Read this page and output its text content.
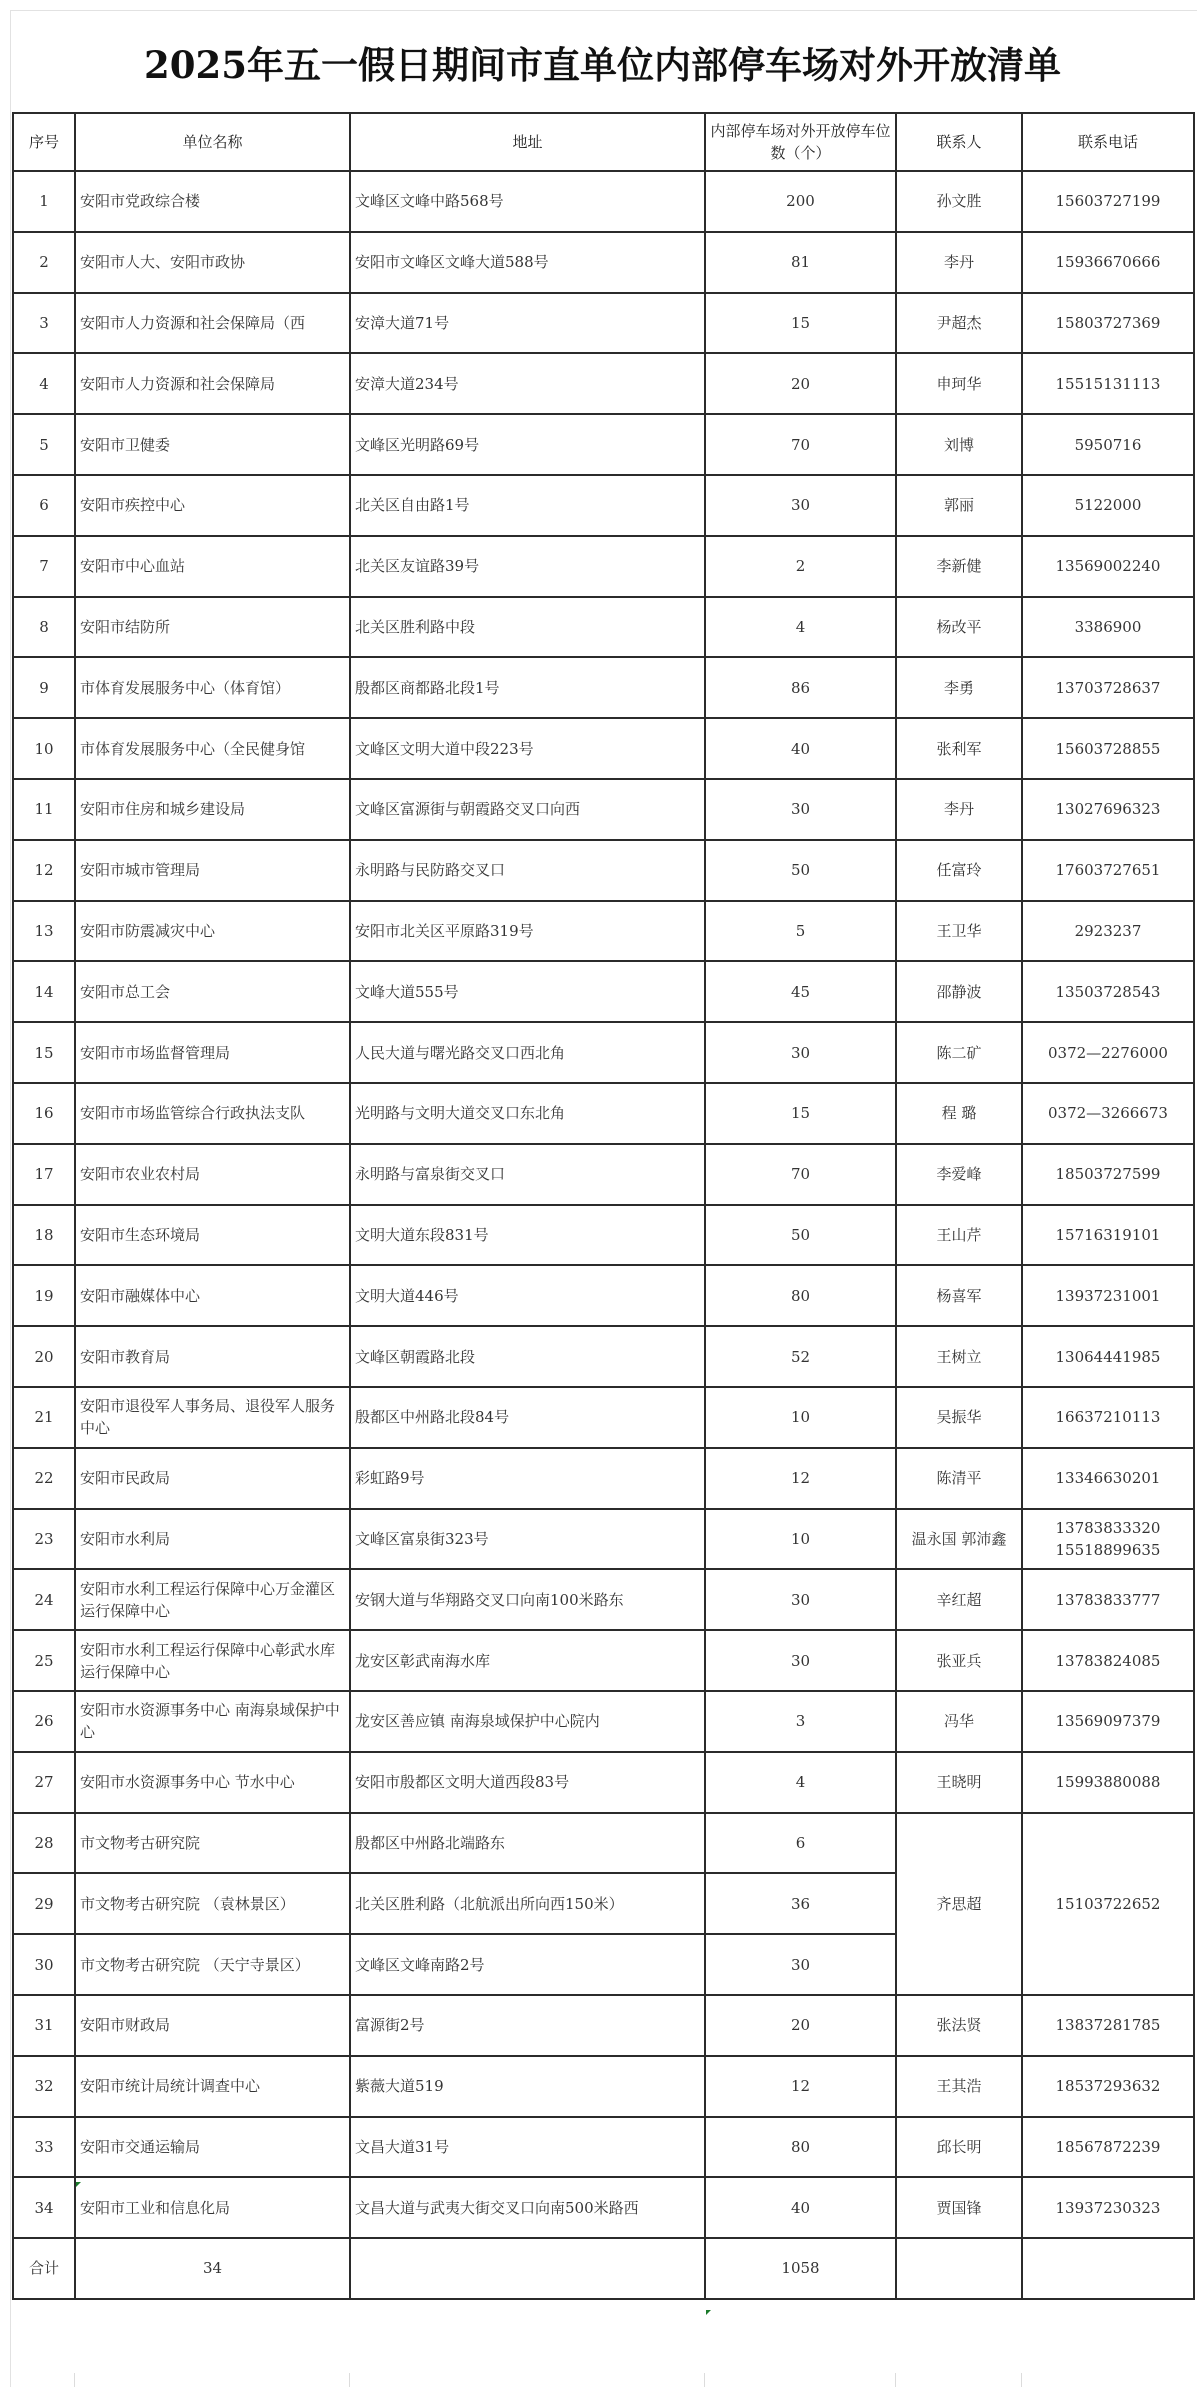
2025年五一假日期间市直单位内部停车场对外开放清单
序号	单位名称	地址	内部停车场对外开放停车位数（个）	联系人	联系电话
1	安阳市党政综合楼	文峰区文峰中路568号	200	孙文胜	15603727199
2	安阳市人大、安阳市政协	安阳市文峰区文峰大道588号	81	李丹	15936670666
3	安阳市人力资源和社会保障局（西	安漳大道71号	15	尹超杰	15803727369
4	安阳市人力资源和社会保障局	安漳大道234号	20	申珂华	15515131113
5	安阳市卫健委	文峰区光明路69号	70	刘博	5950716
6	安阳市疾控中心	北关区自由路1号	30	郭丽	5122000
7	安阳市中心血站	北关区友谊路39号	2	李新健	13569002240
8	安阳市结防所	北关区胜利路中段	4	杨改平	3386900
9	市体育发展服务中心（体育馆）	殷都区商都路北段1号	86	李勇	13703728637
10	市体育发展服务中心（全民健身馆	文峰区文明大道中段223号	40	张利军	15603728855
11	安阳市住房和城乡建设局	文峰区富源街与朝霞路交叉口向西	30	李丹	13027696323
12	安阳市城市管理局	永明路与民防路交叉口	50	任富玲	17603727651
13	安阳市防震减灾中心	安阳市北关区平原路319号	5	王卫华	2923237
14	安阳市总工会	文峰大道555号	45	邵静波	13503728543
15	安阳市市场监督管理局	人民大道与曙光路交叉口西北角	30	陈二矿	0372—2276000
16	安阳市市场监管综合行政执法支队	光明路与文明大道交叉口东北角	15	程 璐	0372—3266673
17	安阳市农业农村局	永明路与富泉街交叉口	70	李爱峰	18503727599
18	安阳市生态环境局	文明大道东段831号	50	王山芹	15716319101
19	安阳市融媒体中心	文明大道446号	80	杨喜军	13937231001
20	安阳市教育局	文峰区朝霞路北段	52	王树立	13064441985
21	安阳市退役军人事务局、退役军人服务中心	殷都区中州路北段84号	10	吴振华	16637210113
22	安阳市民政局	彩虹路9号	12	陈清平	13346630201
23	安阳市水利局	文峰区富泉街323号	10	温永国 郭沛鑫	13783833320 15518899635
24	安阳市水利工程运行保障中心万金灌区运行保障中心	安钢大道与华翔路交叉口向南100米路东	30	辛红超	13783833777
25	安阳市水利工程运行保障中心彰武水库运行保障中心	龙安区彰武南海水库	30	张亚兵	13783824085
26	安阳市水资源事务中心 南海泉域保护中心	龙安区善应镇 南海泉域保护中心院内	3	冯华	13569097379
27	安阳市水资源事务中心 节水中心	安阳市殷都区文明大道西段83号	4	王晓明	15993880088
28	市文物考古研究院	殷都区中州路北端路东	6	齐思超	15103722652
29	市文物考古研究院 （袁林景区）	北关区胜利路（北航派出所向西150米）	36		
30	市文物考古研究院 （天宁寺景区）	文峰区文峰南路2号	30		
31	安阳市财政局	富源街2号	20	张法贤	13837281785
32	安阳市统计局统计调查中心	紫薇大道519	12	王其浩	18537293632
33	安阳市交通运输局	文昌大道31号	80	邱长明	18567872239
34	安阳市工业和信息化局	文昌大道与武夷大街交叉口向南500米路西	40	贾国锋	13937230323
合计	34		1058		
